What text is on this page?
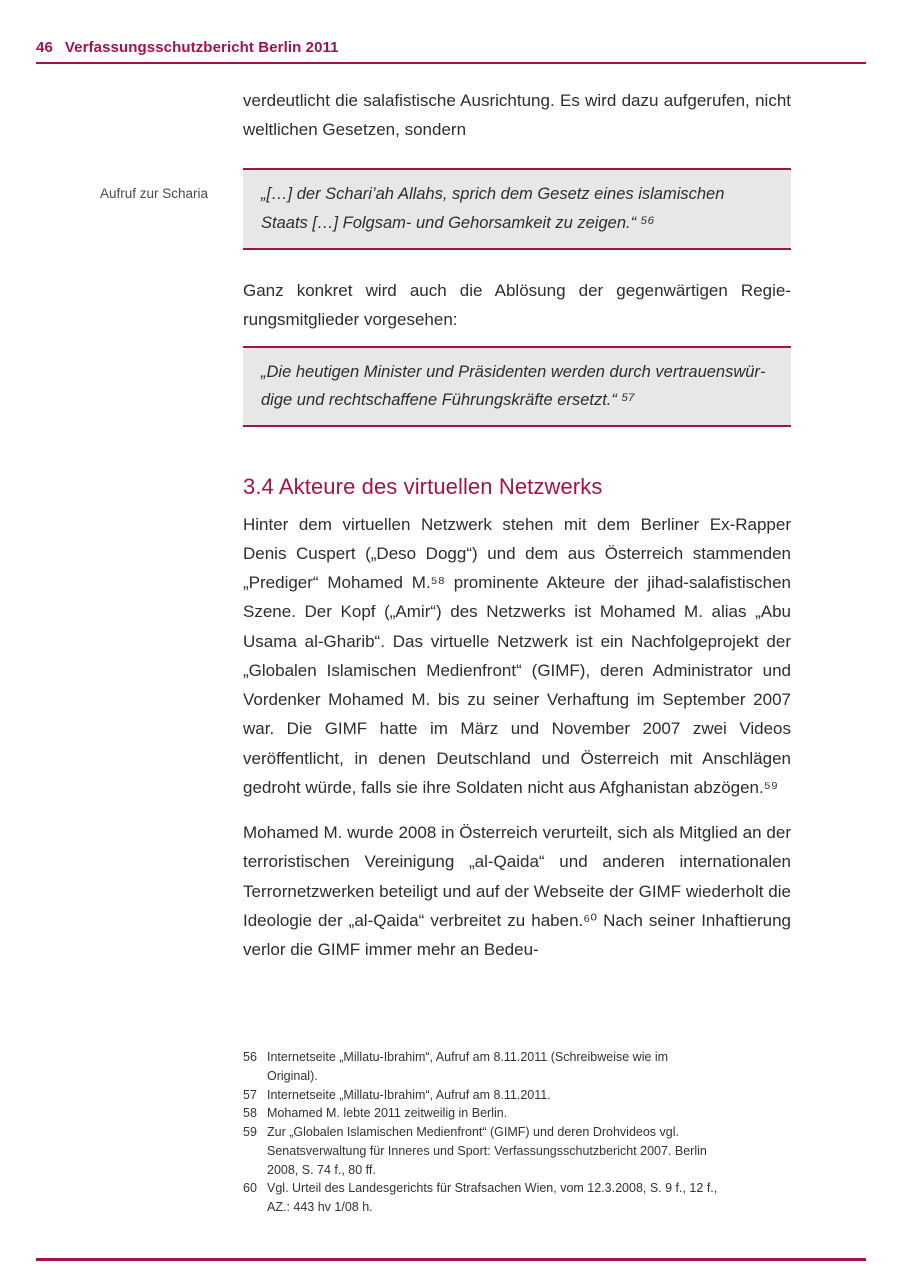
46 Verfassungsschutzbericht Berlin 2011
Aufruf zur Scharia

verdeutlicht die salafistische Ausrichtung. Es wird dazu aufgerufen, nicht weltlichen Gesetzen, sondern

„[…] der Schari’ah Allahs, sprich dem Gesetz eines islamischen Staats […] Folgsam- und Gehorsamkeit zu zeigen.“ ⁵⁶

Ganz konkret wird auch die Ablösung der gegenwärtigen Regierungsmitglieder vorgesehen:

„Die heutigen Minister und Präsidenten werden durch vertrauenswürdige und rechtschaffene Führungskräfte ersetzt.“ ⁵⁷

3.4 Akteure des virtuellen Netzwerks

Hinter dem virtuellen Netzwerk stehen mit dem Berliner Ex-Rapper Denis Cuspert („Deso Dogg“) und dem aus Österreich stammenden „Prediger“ Mohamed M.⁵⁸ prominente Akteure der jihad-salafistischen Szene. Der Kopf („Amir“) des Netzwerks ist Mohamed M. alias „Abu Usama al-Gharib“. Das virtuelle Netzwerk ist ein Nachfolgeprojekt der „Globalen Islamischen Medienfront“ (GIMF), deren Administrator und Vordenker Mohamed M. bis zu seiner Verhaftung im September 2007 war. Die GIMF hatte im März und November 2007 zwei Videos veröffentlicht, in denen Deutschland und Österreich mit Anschlägen gedroht würde, falls sie ihre Soldaten nicht aus Afghanistan abzögen.⁵⁹

Mohamed M. wurde 2008 in Österreich verurteilt, sich als Mitglied an der terroristischen Vereinigung „al-Qaida“ und anderen internationalen Terrornetzwerken beteiligt und auf der Webseite der GIMF wiederholt die Ideologie der „al-Qaida“ verbreitet zu haben.⁶⁰ Nach seiner Inhaftierung verlor die GIMF immer mehr an Bedeu-

56 Internetseite „Millatu-Ibrahim“, Aufruf am 8.11.2011 (Schreibweise wie im Original).
57 Internetseite „Millatu-Ibrahim“, Aufruf am 8.11.2011.
58 Mohamed M. lebte 2011 zeitweilig in Berlin.
59 Zur „Globalen Islamischen Medienfront“ (GIMF) und deren Drohvideos vgl. Senatsverwaltung für Inneres und Sport: Verfassungsschutzbericht 2007. Berlin 2008, S. 74 f., 80 ff.
60 Vgl. Urteil des Landesgerichts für Strafsachen Wien, vom 12.3.2008, S. 9 f., 12 f., AZ.: 443 hv 1/08 h.
